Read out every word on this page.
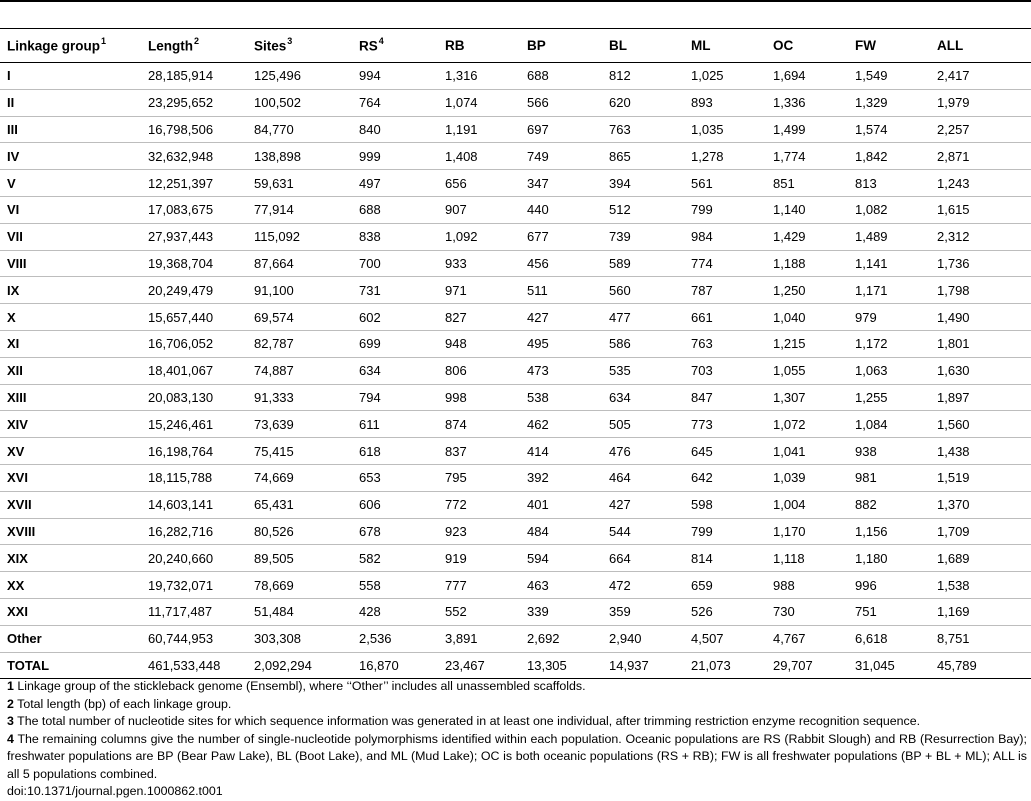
Linkage group$^1$	Length$^2$	Sites$^3$	$RS^4$	RB	BP	BL	ML	OC	FW	ALL
I	28,185,914	125,496	994	1,316	688	812	1,025	1,694	1,549	2,417
II	23,295,652	100,502	764	1,074	566	620	893	1,336	1,329	1,979
III	16,798,506	84,770	840	1,191	697	763	1,035	1,499	1,574	2,257
IV	32,632,948	138,898	999	1,408	749	865	1,278	1,774	1,842	2,871
V	12,251,397	59,631	497	656	347	394	561	851	813	1,243
VI	17,083,675	77,914	688	907	440	512	799	1,140	1,082	1,615
VII	27,937,443	115,092	838	1,092	677	739	984	1,429	1,489	2,312
VIII	19,368,704	87,664	700	933	456	589	774	1,188	1,141	1,736
IX	20,249,479	91,100	731	971	511	560	787	1,250	1,171	1,798
X	15,657,440	69,574	602	827	427	477	661	1,040	979	1,490
XI	16,706,052	82,787	699	948	495	586	763	1,215	1,172	1,801
XII	18,401,067	74,887	634	806	473	535	703	1,055	1,063	1,630
XIII	20,083,130	91,333	794	998	538	634	847	1,307	1,255	1,897
XIV	15,246,461	73,639	611	874	462	505	773	1,072	1,084	1,560
XV	16,198,764	75,415	618	837	414	476	645	1,041	938	1,438
XVI	18,115,788	74,669	653	795	392	464	642	1,039	981	1,519
XVII	14,603,141	65,431	606	772	401	427	598	1,004	882	1,370
XVIII	16,282,716	80,526	678	923	484	544	799	1,170	1,156	1,709
XIX	20,240,660	89,505	582	919	594	664	814	1,118	1,180	1,689
XX	19,732,071	78,669	558	777	463	472	659	988	996	1,538
XXI	11,717,487	51,484	428	552	339	359	526	730	751	1,169
Other	60,744,953	303,308	2,536	3,891	2,692	2,940	4,507	4,767	6,618	8,751
TOTAL	461,533,448	2,092,294	16,870	23,467	13,305	14,937	21,073	29,707	31,045	45,789

1 Linkage group of the stickleback genome (Ensembl), where ‘‘Other’’ includes all unassembled scaffolds.

2 Total length (bp) of each linkage group.

3 The total number of nucleotide sites for which sequence information was generated in at least one individual, after trimming restriction enzyme recognition sequence.

4 The remaining columns give the number of single-nucleotide polymorphisms identified within each population. Oceanic populations are RS (Rabbit Slough) and RB (Resurrection Bay); freshwater populations are BP (Bear Paw Lake), BL (Boot Lake), and ML (Mud Lake); OC is both oceanic populations (RS + RB); FW is all freshwater populations (BP + BL + ML); ALL is all 5 populations combined.

doi:10.1371/journal.pgen.1000862.t001
